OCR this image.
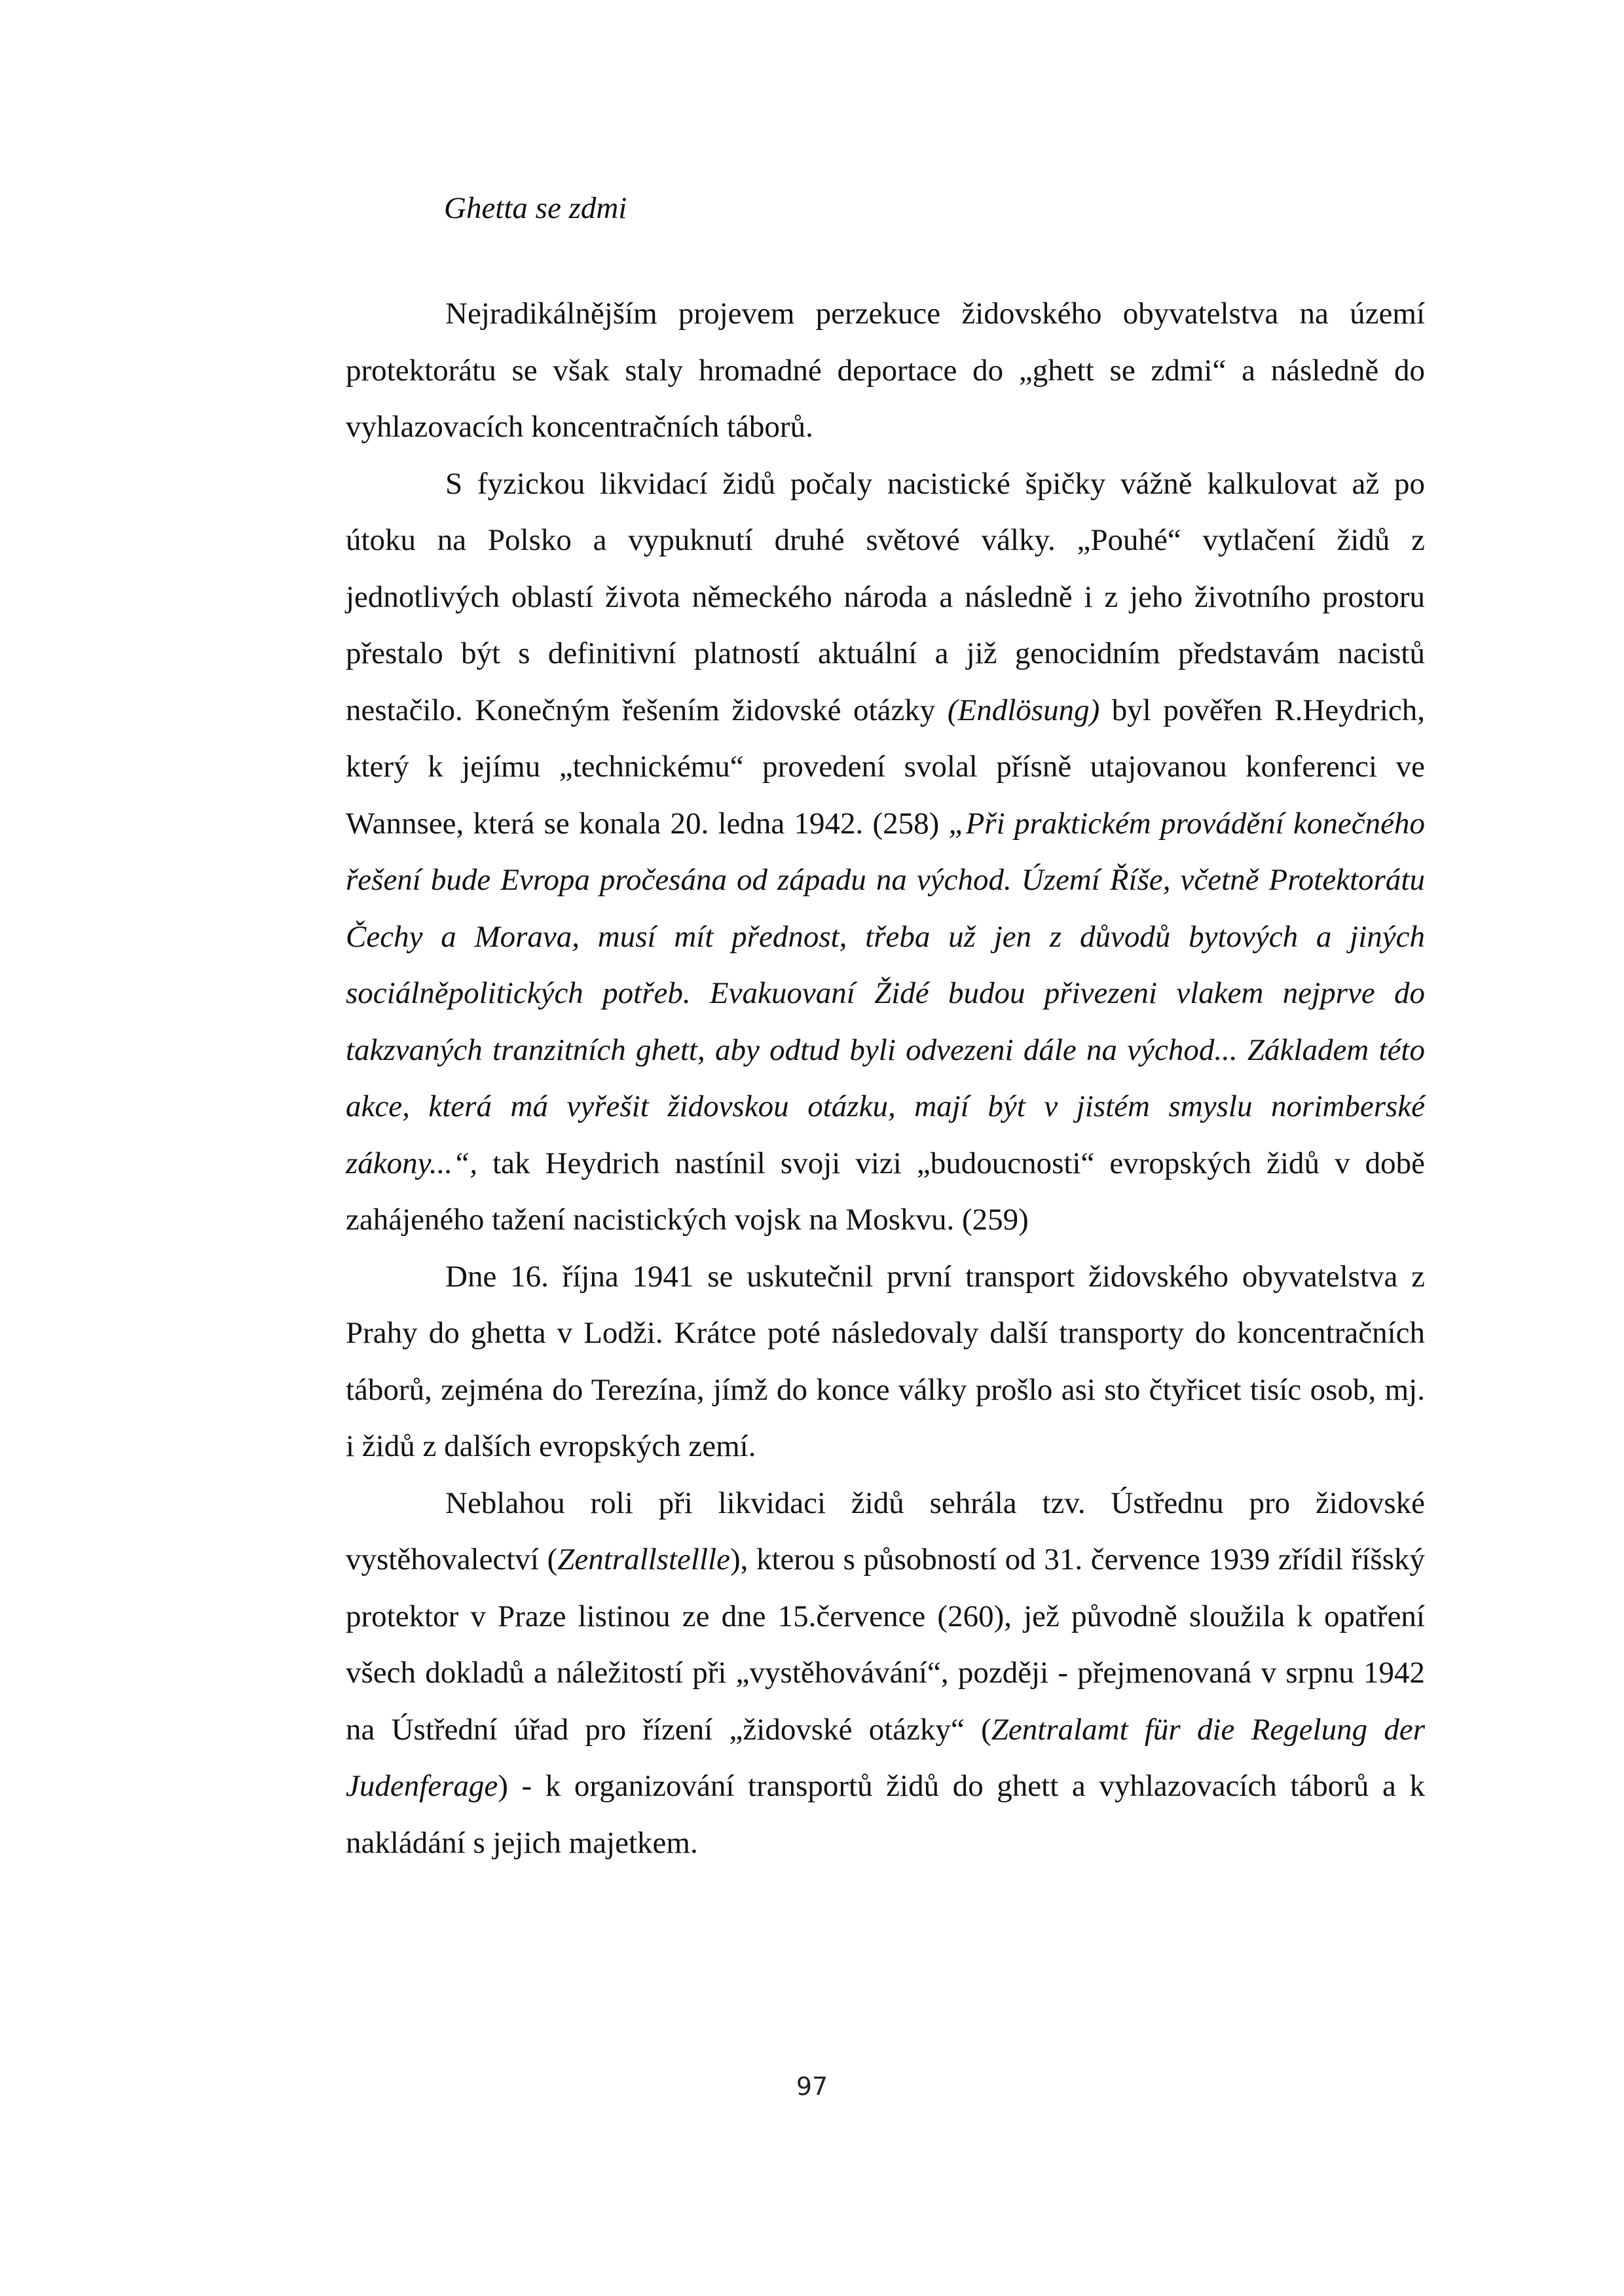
Ghetta se zdmi

Nejradikálnějším projevem perzekuce židovského obyvatelstva na území protektorátu se však staly hromadné deportace do „ghett se zdmi“ a následně do vyhlazovacích koncentračních táborů.

S fyzickou likvidací židů počaly nacistické špičky vážně kalkulovat až po útoku na Polsko a vypuknutí druhé světové války. „Pouhé“ vytlačení židů z jednotlivých oblastí života německého národa a následně i z jeho životního prostoru přestalo být s definitivní platností aktuální a již genocidním představám nacistů nestačilo. Konečným řešením židovské otázky (Endlösung) byl pověřen R.Heydrich, který k jejímu „technickému“ provedení svolal přísně utajovanou konferenci ve Wannsee, která se konala 20. ledna 1942. (258) „Při praktickém provádění konečného řešení bude Evropa pročesána od západu na východ. Území Říše, včetně Protektorátu Čechy a Morava, musí mít přednost, třeba už jen z důvodů bytových a jiných sociálněpolitických potřeb. Evakuovaní Židé budou přivezeni vlakem nejprve do takzvaných tranzitních ghett, aby odtud byli odvezeni dále na východ... Základem této akce, která má vyřešit židovskou otázku, mají být v jistém smyslu norimberské zákony...“, tak Heydrich nastínil svoji vizi „budoucnosti“ evropských židů v době zahájeného tažení nacistických vojsk na Moskvu. (259)

Dne 16. října 1941 se uskutečnil první transport židovského obyvatelstva z Prahy do ghetta v Lodži. Krátce poté následovaly další transporty do koncentračních táborů, zejména do Terezína, jímž do konce války prošlo asi sto čtyřicet tisíc osob, mj. i židů z dalších evropských zemí.

Neblahou roli při likvidaci židů sehrála tzv. Ústřednu pro židovské vystěhovalectví (Zentrallstellle), kterou s působností od 31. července 1939 zřídil říšský protektor v Praze listinou ze dne 15.července (260), jež původně sloužila k opatření všech dokladů a náležitostí při „vystěhovávání“, později - přejmenovaná v srpnu 1942 na Ústřední úřad pro řízení „židovské otázky“ (Zentralamt für die Regelung der Judenferage) - k organizování transportů židů do ghett a vyhlazovacích táborů a k nakládání s jejich majetkem.

97
